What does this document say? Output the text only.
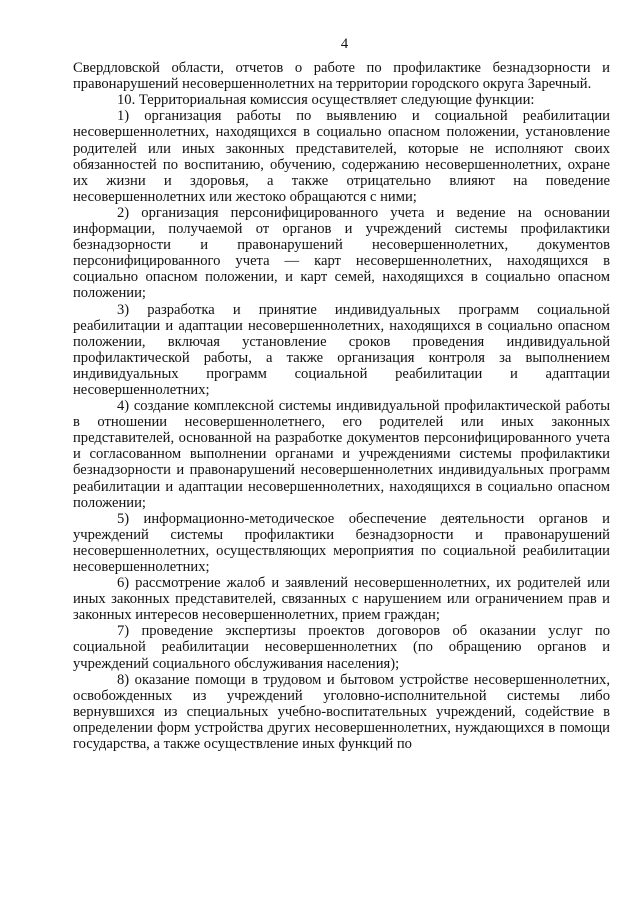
4

Свердловской области, отчетов о работе по профилактике безнадзорности и правонарушений несовершеннолетних на территории городского округа Заречный.

10. Территориальная комиссия осуществляет следующие функции:

1) организация работы по выявлению и социальной реабилитации несовершеннолетних, находящихся в социально опасном положении, установление родителей или иных законных представителей, которые не исполняют своих обязанностей по воспитанию, обучению, содержанию несовершеннолетних, охране их жизни и здоровья, а также отрицательно влияют на поведение несовершеннолетних или жестоко обращаются с ними;

2) организация персонифицированного учета и ведение на основании информации, получаемой от органов и учреждений системы профилактики безнадзорности и правонарушений несовершеннолетних, документов персонифицированного учета — карт несовершеннолетних, находящихся в социально опасном положении, и карт семей, находящихся в социально опасном положении;

3) разработка и принятие индивидуальных программ социальной реабилитации и адаптации несовершеннолетних, находящихся в социально опасном положении, включая установление сроков проведения индивидуальной профилактической работы, а также организация контроля за выполнением индивидуальных программ социальной реабилитации и адаптации несовершеннолетних;

4) создание комплексной системы индивидуальной профилактической работы в отношении несовершеннолетнего, его родителей или иных законных представителей, основанной на разработке документов персонифицированного учета и согласованном выполнении органами и учреждениями системы профилактики безнадзорности и правонарушений несовершеннолетних индивидуальных программ реабилитации и адаптации несовершеннолетних, находящихся в социально опасном положении;

5) информационно-методическое обеспечение деятельности органов и учреждений системы профилактики безнадзорности и правонарушений несовершеннолетних, осуществляющих мероприятия по социальной реабилитации несовершеннолетних;

6) рассмотрение жалоб и заявлений несовершеннолетних, их родителей или иных законных представителей, связанных с нарушением или ограничением прав и законных интересов несовершеннолетних, прием граждан;

7) проведение экспертизы проектов договоров об оказании услуг по социальной реабилитации несовершеннолетних (по обращению органов и учреждений социального обслуживания населения);

8) оказание помощи в трудовом и бытовом устройстве несовершеннолетних, освобожденных из учреждений уголовно-исполнительной системы либо вернувшихся из специальных учебно-воспитательных учреждений, содействие в определении форм устройства других несовершеннолетних, нуждающихся в помощи государства, а также осуществление иных функций по
